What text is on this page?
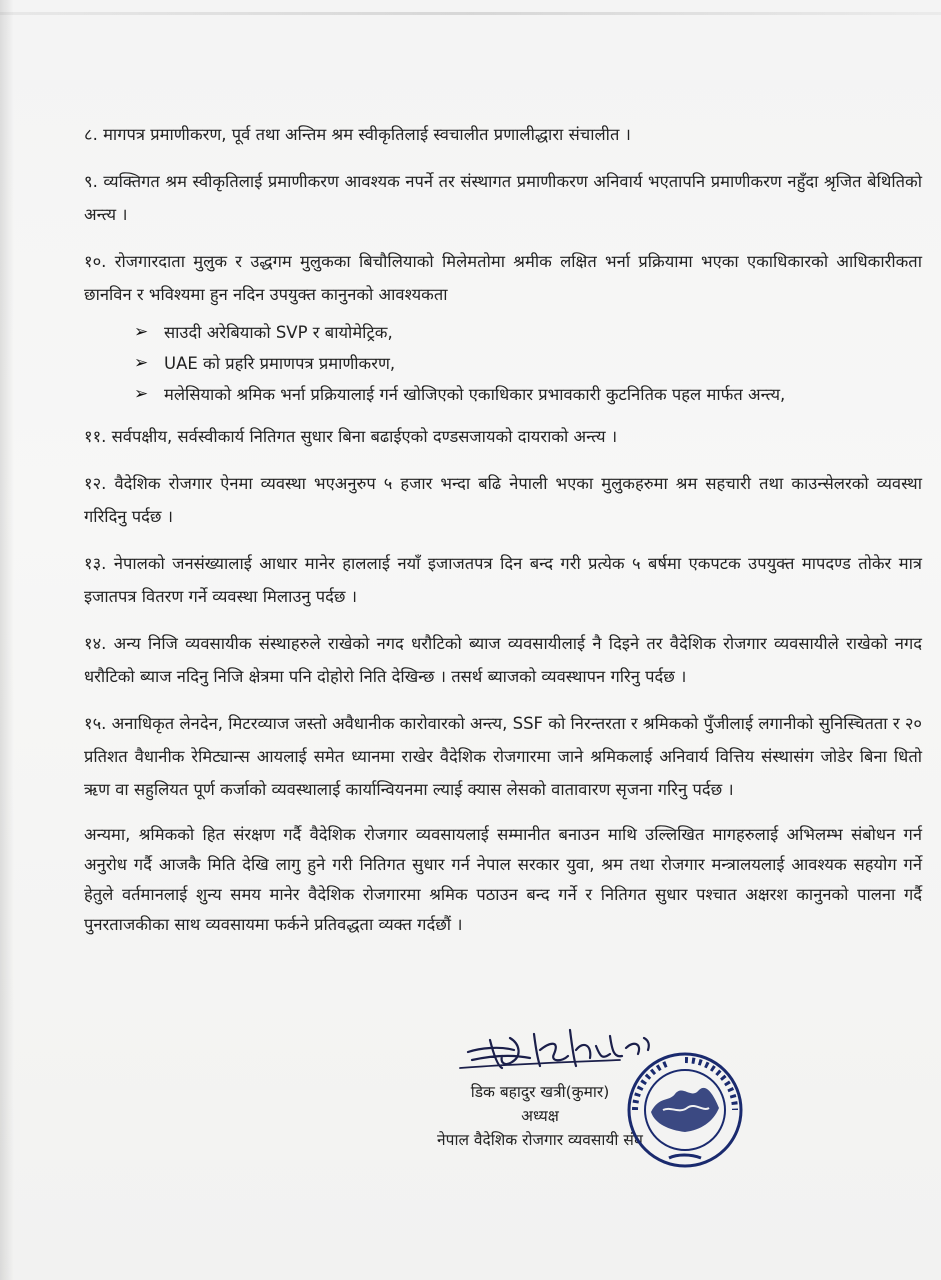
८. मागपत्र प्रमाणीकरण, पूर्व तथा अन्तिम श्रम स्वीकृतिलाई स्वचालीत प्रणालीद्धारा संचालीत ।

९. व्यक्तिगत श्रम स्वीकृतिलाई प्रमाणीकरण आवश्यक नपर्ने तर संस्थागत प्रमाणीकरण अनिवार्य भएतापनि प्रमाणीकरण नहुँदा श्रृजित बेथितिको अन्त्य ।

१०. रोजगारदाता मुलुक र उद्धगम मुलुकका बिचौलियाको मिलेमतोमा श्रमीक लक्षित भर्ना प्रक्रियामा भएका एकाधिकारको आधिकारीकता छानविन र भविश्यमा हुन नदिन उपयुक्त कानुनको आवश्यकता

➢ साउदी अरेबियाको SVP र बायोमेट्रिक,
➢ UAE को प्रहरि प्रमाणपत्र प्रमाणीकरण,
➢ मलेसियाको श्रमिक भर्ना प्रक्रियालाई गर्न खोजिएको एकाधिकार प्रभावकारी कुटनितिक पहल मार्फत अन्त्य,

११. सर्वपक्षीय, सर्वस्वीकार्य नितिगत सुधार बिना बढाईएको दण्डसजायको दायराको अन्त्य ।

१२. वैदेशिक रोजगार ऐनमा व्यवस्था भएअनुरुप ५ हजार भन्दा बढि नेपाली भएका मुलुकहरुमा श्रम सहचारी तथा काउन्सेलरको व्यवस्था गरिदिनु पर्दछ ।

१३. नेपालको जनसंख्यालाई आधार मानेर हाललाई नयाँ इजाजतपत्र दिन बन्द गरी प्रत्येक ५ बर्षमा एकपटक उपयुक्त मापदण्ड तोकेर मात्र इजातपत्र वितरण गर्ने व्यवस्था मिलाउनु पर्दछ ।

१४. अन्य निजि व्यवसायीक संस्थाहरुले राखेको नगद धरौटिको ब्याज व्यवसायीलाई नै दिइने तर वैदेशिक रोजगार व्यवसायीले राखेको नगद धरौटिको ब्याज नदिनु निजि क्षेत्रमा पनि दोहोरो निति देखिन्छ । तसर्थ ब्याजको व्यवस्थापन गरिनु पर्दछ ।

१५. अनाधिकृत लेनदेन, मिटरव्याज जस्तो अवैधानीक कारोवारको अन्त्य, SSF को निरन्तरता र श्रमिकको पुँजीलाई लगानीको सुनिस्चितता र २० प्रतिशत वैधानीक रेमिट्यान्स आयलाई समेत ध्यानमा राखेर वैदेशिक रोजगारमा जाने श्रमिकलाई अनिवार्य वित्तिय संस्थासंग जोडेर बिना धितो ऋण वा सहुलियत पूर्ण कर्जाको व्यवस्थालाई कार्यान्वियनमा ल्याई क्यास लेसको वातावारण सृजना गरिनु पर्दछ ।

अन्यमा, श्रमिकको हित संरक्षण गर्दै वैदेशिक रोजगार व्यवसायलाई सम्मानीत बनाउन माथि उल्लिखित मागहरुलाई अभिलम्भ संबोधन गर्न अनुरोध गर्दै आजकै मिति देखि लागु हुने गरी नितिगत सुधार गर्न नेपाल सरकार युवा, श्रम तथा रोजगार मन्त्रालयलाई आवश्यक सहयोग गर्ने हेतुले वर्तमानलाई शुन्य समय मानेर वैदेशिक रोजगारमा श्रमिक पठाउन बन्द गर्ने र नितिगत सुधार पश्चात अक्षरश कानुनको पालना गर्दै पुनरताजकीका साथ व्यवसायमा फर्कने प्रतिवद्धता व्यक्त गर्दछौं ।

डिक बहादुर खत्री(कुमार)
अध्यक्ष
नेपाल वैदेशिक रोजगार व्यवसायी संघ
